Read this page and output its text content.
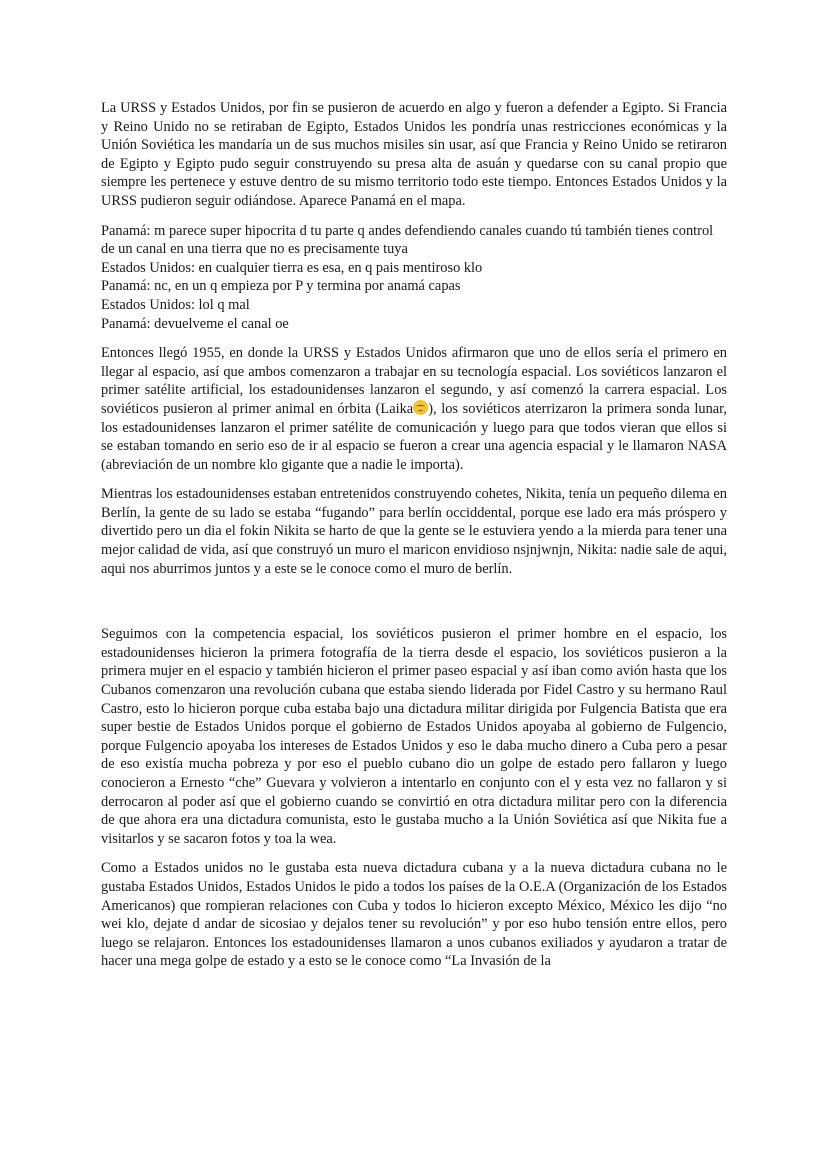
La URSS y Estados Unidos, por fin se pusieron de acuerdo en algo y fueron a defender a Egipto. Si Francia y Reino Unido no se retiraban de Egipto, Estados Unidos les pondría unas restricciones económicas y la Unión Soviética les mandaría un de sus muchos misiles sin usar, así que Francia y Reino Unido se retiraron de Egipto y Egipto pudo seguir construyendo su presa alta de asuán y quedarse con su canal propio que siempre les pertenece y estuve dentro de su mismo territorio todo este tiempo. Entonces Estados Unidos y la URSS pudieron seguir odiándose. Aparece Panamá en el mapa.

Panamá: m parece super hipocrita d tu parte q andes defendiendo canales cuando tú también tienes control de un canal en una tierra que no es precisamente tuya
Estados Unidos: en cualquier tierra es esa, en q pais mentiroso klo
Panamá: nc, en un q empieza por P y termina por anamá capas
Estados Unidos: lol q mal
Panamá: devuelveme el canal oe

Entonces llegó 1955, en donde la URSS y Estados Unidos afirmaron que uno de ellos sería el primero en llegar al espacio, así que ambos comenzaron a trabajar en su tecnología espacial. Los soviéticos lanzaron el primer satélite artificial, los estadounidenses lanzaron el segundo, y así comenzó la carrera espacial. Los soviéticos pusieron al primer animal en órbita (Laika ), los soviéticos aterrizaron la primera sonda lunar, los estadounidenses lanzaron el primer satélite de comunicación y luego para que todos vieran que ellos si se estaban tomando en serio eso de ir al espacio se fueron a crear una agencia espacial y le llamaron NASA (abreviación de un nombre klo gigante que a nadie le importa).

Mientras los estadounidenses estaban entretenidos construyendo cohetes, Nikita, tenía un pequeño dilema en Berlín, la gente de su lado se estaba “fugando” para berlín occiddental, porque ese lado era más próspero y divertido pero un dia el fokin Nikita se harto de que la gente se le estuviera yendo a la mierda para tener una mejor calidad de vida, así que construyó un muro el maricon envidioso nsjnjwnjn, Nikita: nadie sale de aqui, aqui nos aburrimos juntos y a este se le conoce como el muro de berlín.

Seguimos con la competencia espacial, los soviéticos pusieron el primer hombre en el espacio, los estadounidenses hicieron la primera fotografía de la tierra desde el espacio, los soviéticos pusieron a la primera mujer en el espacio y también hicieron el primer paseo espacial y así iban como avión hasta que los Cubanos comenzaron una revolución cubana que estaba siendo liderada por Fidel Castro y su hermano Raul Castro, esto lo hicieron porque cuba estaba bajo una dictadura militar dirigida por Fulgencia Batista que era super bestie de Estados Unidos porque el gobierno de Estados Unidos apoyaba al gobierno de Fulgencio, porque Fulgencio apoyaba los intereses de Estados Unidos y eso le daba mucho dinero a Cuba pero a pesar de eso existía mucha pobreza y por eso el pueblo cubano dio un golpe de estado pero fallaron y luego conocieron a Ernesto “che” Guevara y volvieron a intentarlo en conjunto con el y esta vez no fallaron y si derrocaron al poder así que el gobierno cuando se convirtió en otra dictadura militar pero con la diferencia de que ahora era una dictadura comunista, esto le gustaba mucho a la Unión Soviética así que Nikita fue a visitarlos y se sacaron fotos y toa la wea.

Como a Estados unidos no le gustaba esta nueva dictadura cubana y a la nueva dictadura cubana no le gustaba Estados Unidos, Estados Unidos le pido a todos los países de la O.E.A (Organización de los Estados Americanos) que rompieran relaciones con Cuba y todos lo hicieron excepto México, México les dijo “no wei klo, dejate d andar de sicosiao y dejalos tener su revolución” y por eso hubo tensión entre ellos, pero luego se relajaron. Entonces los estadounidenses llamaron a unos cubanos exiliados y ayudaron a tratar de hacer una mega golpe de estado y a esto se le conoce como “La Invasión de la
